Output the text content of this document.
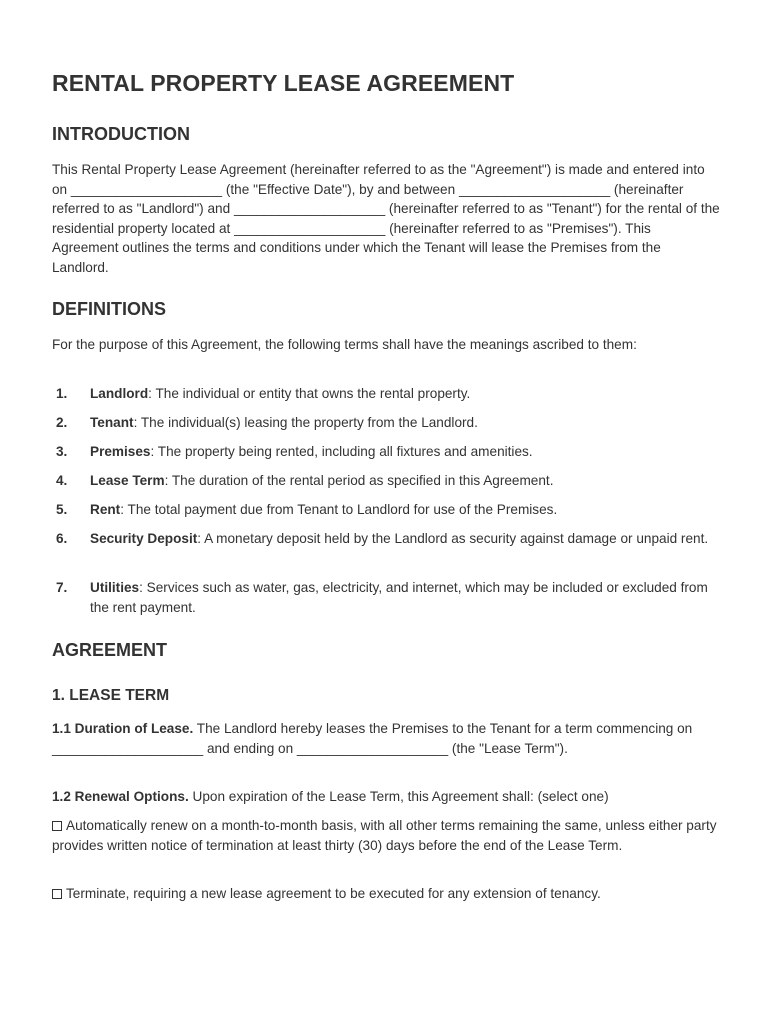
RENTAL PROPERTY LEASE AGREEMENT
INTRODUCTION

This Rental Property Lease Agreement (hereinafter referred to as the "Agreement") is made and entered into on ____________________ (the "Effective Date"), by and between ____________________ (hereinafter referred to as "Landlord") and ____________________ (hereinafter referred to as "Tenant") for the rental of the residential property located at ____________________ (hereinafter referred to as "Premises"). This Agreement outlines the terms and conditions under which the Tenant will lease the Premises from the Landlord.

DEFINITIONS

For the purpose of this Agreement, the following terms shall have the meanings ascribed to them:

1. Landlord: The individual or entity that owns the rental property.
2. Tenant: The individual(s) leasing the property from the Landlord.
3. Premises: The property being rented, including all fixtures and amenities.
4. Lease Term: The duration of the rental period as specified in this Agreement.
5. Rent: The total payment due from Tenant to Landlord for use of the Premises.
6. Security Deposit: A monetary deposit held by the Landlord as security against damage or unpaid rent.
7. Utilities: Services such as water, gas, electricity, and internet, which may be included or excluded from the rent payment.
AGREEMENT
1. LEASE TERM

1.1 Duration of Lease. The Landlord hereby leases the Premises to the Tenant for a term commencing on ____________________ and ending on ____________________ (the "Lease Term").

1.2 Renewal Options. Upon expiration of the Lease Term, this Agreement shall: (select one)

Automatically renew on a month-to-month basis, with all other terms remaining the same, unless either party provides written notice of termination at least thirty (30) days before the end of the Lease Term.

Terminate, requiring a new lease agreement to be executed for any extension of tenancy.
